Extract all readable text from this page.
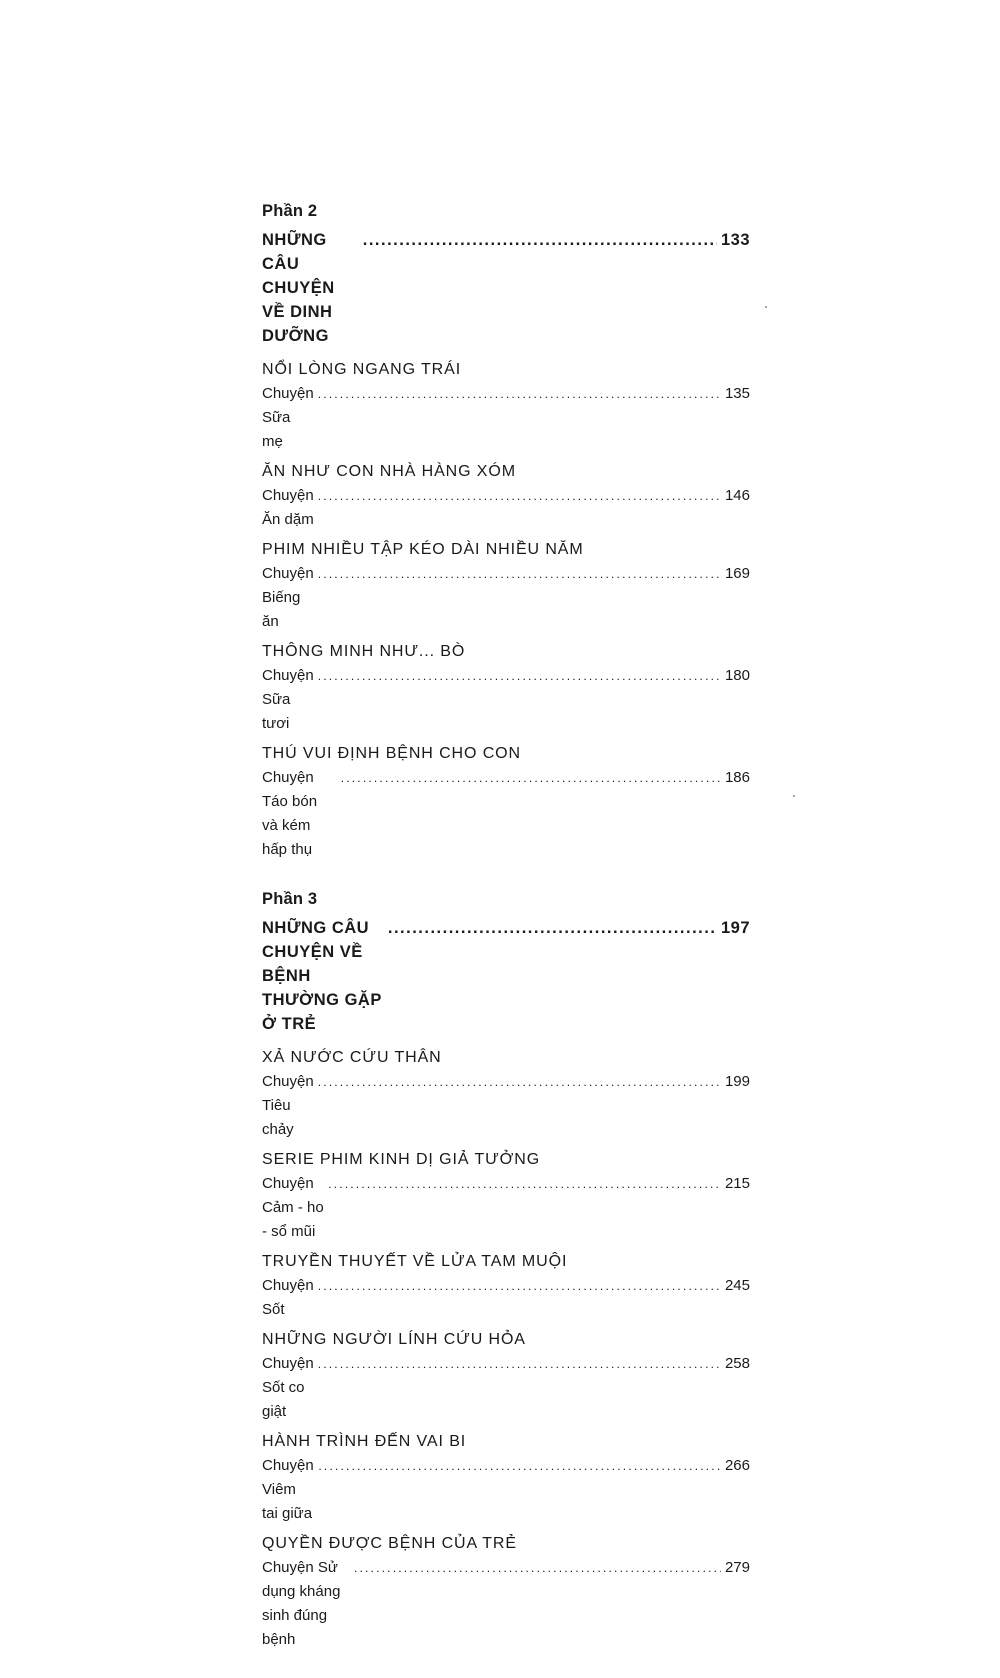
Phần 2
NHỮNG CÂU CHUYỆN VỀ DINH DƯỠNG
.....
133
NỔI LÒNG NGANG TRÁI
Chuyện Sữa mẹ
.....
135
ĂN NHƯ CON NHÀ HÀNG XÓM
Chuyện Ăn dặm
.....
146
PHIM NHIỀU TẬP KÉO DÀI NHIỀU NĂM
Chuyện Biếng ăn
.....
169
THÔNG MINH NHƯ... BÒ
Chuyện Sữa tươi
.....
180
THÚ VUI ĐỊNH BỆNH CHO CON
Chuyện Táo bón và kém hấp thụ
.....
186
Phần 3
NHỮNG CÂU CHUYỆN VỀ BỆNH THƯỜNG GẶP Ở TRẺ
.....
197
XẢ NƯỚC CỨU THÂN
Chuyện Tiêu chảy
.....
199
SERIE PHIM KINH DỊ GIẢ TƯỞNG
Chuyện Cảm - ho - sổ mũi
.....
215
TRUYỀN THUYẾT VỀ LỬA TAM MUỘI
Chuyện Sốt
.....
245
NHỮNG NGƯỜI LÍNH CỨU HỎA
Chuyện Sốt co giật
.....
258
HÀNH TRÌNH ĐẾN VAI BI
Chuyện Viêm tai giữa
.....
266
QUYỀN ĐƯỢC BỆNH CỦA TRẺ
Chuyện Sử dụng kháng sinh đúng bệnh
.....
279
